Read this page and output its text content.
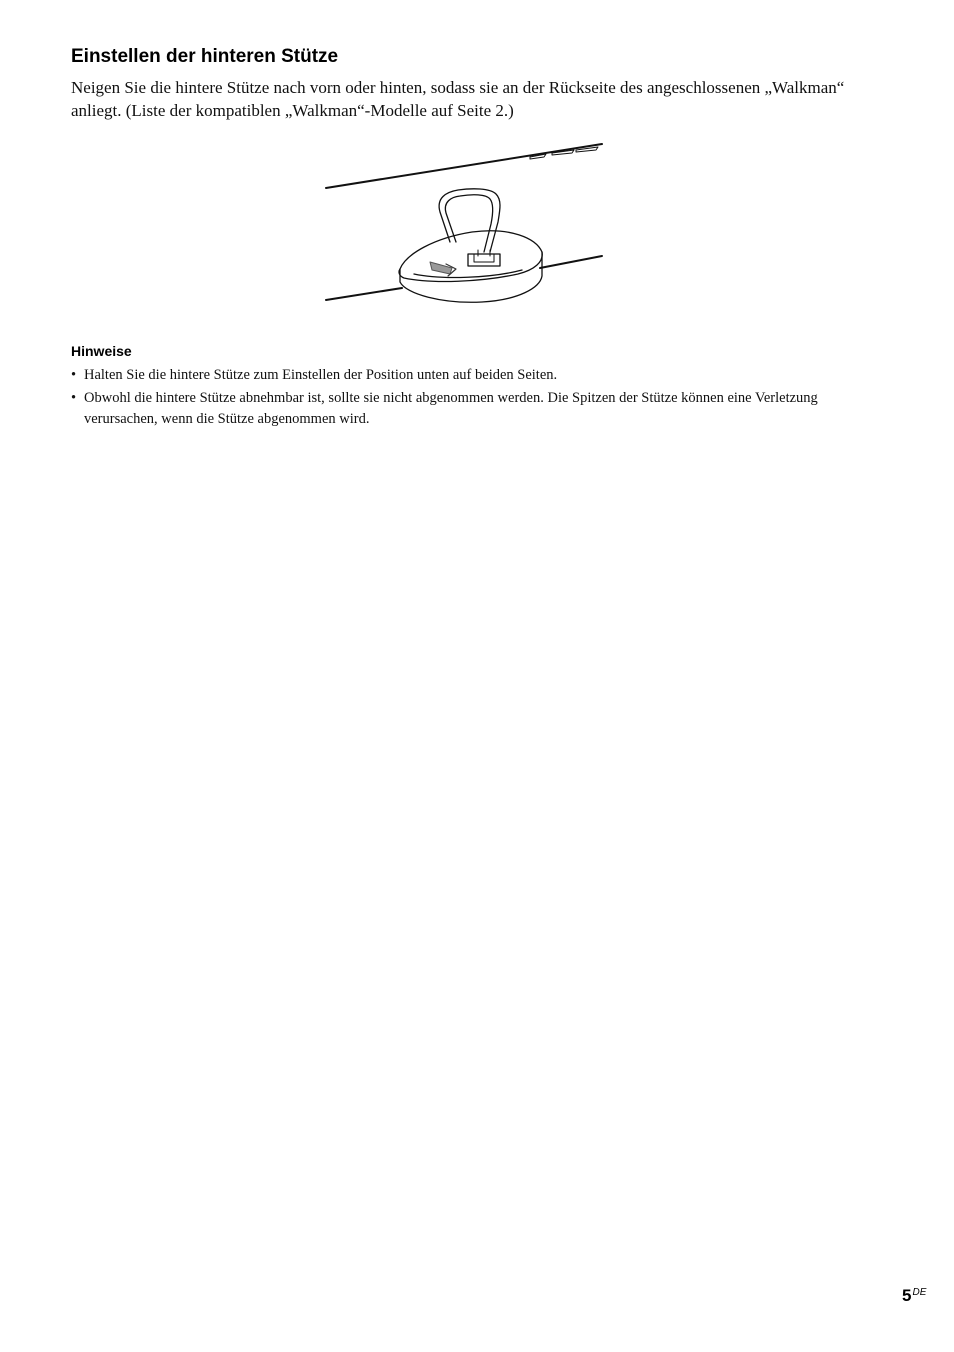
Einstellen der hinteren Stütze

Neigen Sie die hintere Stütze nach vorn oder hinten, sodass sie an der Rückseite des angeschlossenen „Walkman“ anliegt. (Liste der kompatiblen „Walkman“-Modelle auf Seite 2.)

Hinweise
• Halten Sie die hintere Stütze zum Einstellen der Position unten auf beiden Seiten.
• Obwohl die hintere Stütze abnehmbar ist, sollte sie nicht abgenommen werden. Die Spitzen der Stütze können eine Verletzung verursachen, wenn die Stütze abgenommen wird.
5DE
